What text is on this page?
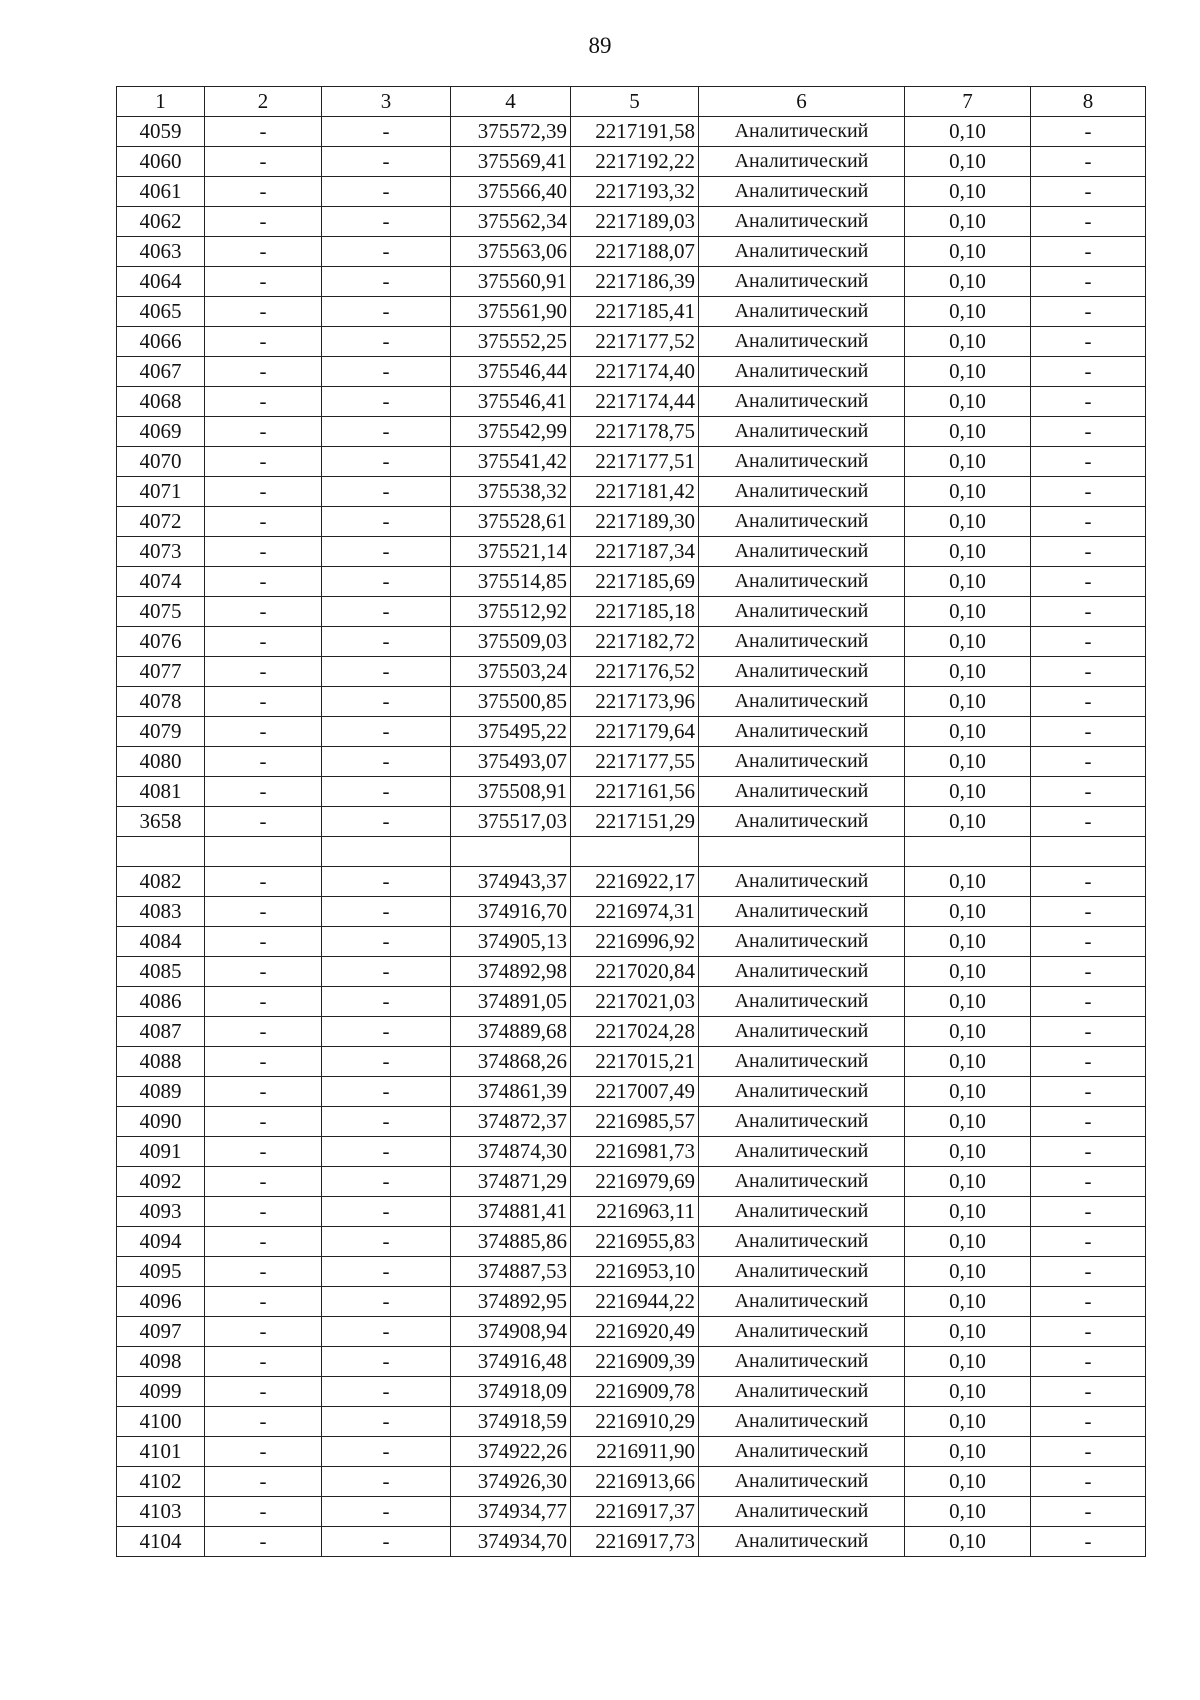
89
1	2	3	4	5	6	7	8
4059	-	-	375572,39	2217191,58	Аналитический	0,10	-
4060	-	-	375569,41	2217192,22	Аналитический	0,10	-
4061	-	-	375566,40	2217193,32	Аналитический	0,10	-
4062	-	-	375562,34	2217189,03	Аналитический	0,10	-
4063	-	-	375563,06	2217188,07	Аналитический	0,10	-
4064	-	-	375560,91	2217186,39	Аналитический	0,10	-
4065	-	-	375561,90	2217185,41	Аналитический	0,10	-
4066	-	-	375552,25	2217177,52	Аналитический	0,10	-
4067	-	-	375546,44	2217174,40	Аналитический	0,10	-
4068	-	-	375546,41	2217174,44	Аналитический	0,10	-
4069	-	-	375542,99	2217178,75	Аналитический	0,10	-
4070	-	-	375541,42	2217177,51	Аналитический	0,10	-
4071	-	-	375538,32	2217181,42	Аналитический	0,10	-
4072	-	-	375528,61	2217189,30	Аналитический	0,10	-
4073	-	-	375521,14	2217187,34	Аналитический	0,10	-
4074	-	-	375514,85	2217185,69	Аналитический	0,10	-
4075	-	-	375512,92	2217185,18	Аналитический	0,10	-
4076	-	-	375509,03	2217182,72	Аналитический	0,10	-
4077	-	-	375503,24	2217176,52	Аналитический	0,10	-
4078	-	-	375500,85	2217173,96	Аналитический	0,10	-
4079	-	-	375495,22	2217179,64	Аналитический	0,10	-
4080	-	-	375493,07	2217177,55	Аналитический	0,10	-
4081	-	-	375508,91	2217161,56	Аналитический	0,10	-
3658	-	-	375517,03	2217151,29	Аналитический	0,10	-

4082	-	-	374943,37	2216922,17	Аналитический	0,10	-
4083	-	-	374916,70	2216974,31	Аналитический	0,10	-
4084	-	-	374905,13	2216996,92	Аналитический	0,10	-
4085	-	-	374892,98	2217020,84	Аналитический	0,10	-
4086	-	-	374891,05	2217021,03	Аналитический	0,10	-
4087	-	-	374889,68	2217024,28	Аналитический	0,10	-
4088	-	-	374868,26	2217015,21	Аналитический	0,10	-
4089	-	-	374861,39	2217007,49	Аналитический	0,10	-
4090	-	-	374872,37	2216985,57	Аналитический	0,10	-
4091	-	-	374874,30	2216981,73	Аналитический	0,10	-
4092	-	-	374871,29	2216979,69	Аналитический	0,10	-
4093	-	-	374881,41	2216963,11	Аналитический	0,10	-
4094	-	-	374885,86	2216955,83	Аналитический	0,10	-
4095	-	-	374887,53	2216953,10	Аналитический	0,10	-
4096	-	-	374892,95	2216944,22	Аналитический	0,10	-
4097	-	-	374908,94	2216920,49	Аналитический	0,10	-
4098	-	-	374916,48	2216909,39	Аналитический	0,10	-
4099	-	-	374918,09	2216909,78	Аналитический	0,10	-
4100	-	-	374918,59	2216910,29	Аналитический	0,10	-
4101	-	-	374922,26	2216911,90	Аналитический	0,10	-
4102	-	-	374926,30	2216913,66	Аналитический	0,10	-
4103	-	-	374934,77	2216917,37	Аналитический	0,10	-
4104	-	-	374934,70	2216917,73	Аналитический	0,10	-
